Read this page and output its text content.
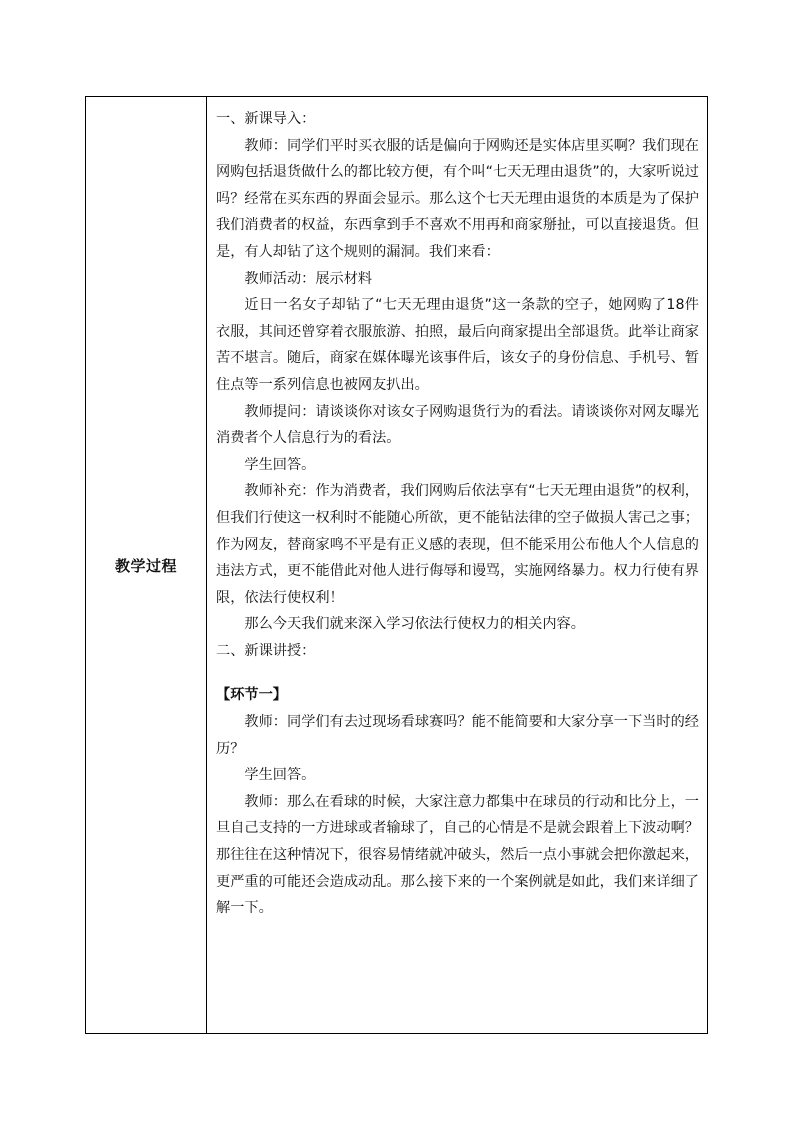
教学过程

一、新课导入：

教师：同学们平时买衣服的话是偏向于网购还是实体店里买啊？我们现在网购包括退货做什么的都比较方便，有个叫“七天无理由退货”的，大家听说过吗？经常在买东西的界面会显示。那么这个七天无理由退货的本质是为了保护我们消费者的权益，东西拿到手不喜欢不用再和商家掰扯，可以直接退货。但是，有人却钻了这个规则的漏洞。我们来看：

教师活动：展示材料

近日一名女子却钻了“七天无理由退货”这一条款的空子，她网购了18件衣服，其间还曾穿着衣服旅游、拍照，最后向商家提出全部退货。此举让商家苦不堪言。随后，商家在媒体曝光该事件后，该女子的身份信息、手机号、暂住点等一系列信息也被网友扒出。

教师提问：请谈谈你对该女子网购退货行为的看法。请谈谈你对网友曝光消费者个人信息行为的看法。

学生回答。

教师补充：作为消费者，我们网购后依法享有“七天无理由退货”的权利，但我们行使这一权利时不能随心所欲，更不能钻法律的空子做损人害己之事；作为网友，替商家鸣不平是有正义感的表现，但不能采用公布他人个人信息的违法方式，更不能借此对他人进行侮辱和谩骂，实施网络暴力。权力行使有界限，依法行使权利！

那么今天我们就来深入学习依法行使权力的相关内容。

二、新课讲授：

【环节一】

教师：同学们有去过现场看球赛吗？能不能简要和大家分享一下当时的经历？

学生回答。

教师：那么在看球的时候，大家注意力都集中在球员的行动和比分上，一旦自己支持的一方进球或者输球了，自己的心情是不是就会跟着上下波动啊？那往往在这种情况下，很容易情绪就冲破头，然后一点小事就会把你激起来，更严重的可能还会造成动乱。那么接下来的一个案例就是如此，我们来详细了解一下。
